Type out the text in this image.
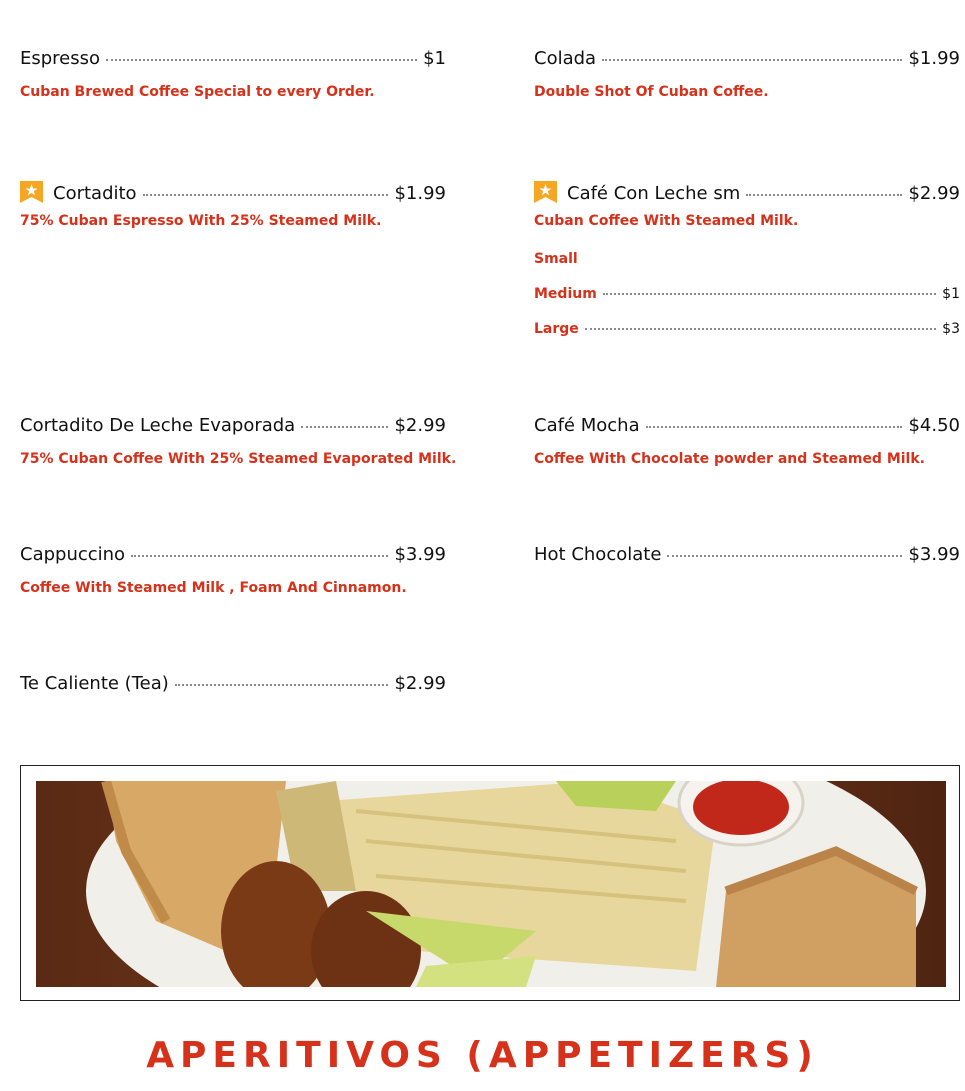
Espresso	$1
Cuban Brewed Coffee Special to every Order.
Cortadito	$1.99
75% Cuban Espresso With 25% Steamed Milk.
Cortadito De Leche Evaporada	$2.99
75% Cuban Coffee With 25% Steamed Evaporated Milk.
Cappuccino	$3.99
Coffee With Steamed Milk , Foam And Cinnamon.
Te Caliente (Tea)	$2.99
Colada	$1.99
Double Shot Of Cuban Coffee.
Café Con Leche sm	$2.99
Cuban Coffee With Steamed Milk.
Small
Medium	$1
Large	$3
Café Mocha	$4.50
Coffee With Chocolate powder and Steamed Milk.
Hot Chocolate	$3.99
APERITIVOS (APPETIZERS)
